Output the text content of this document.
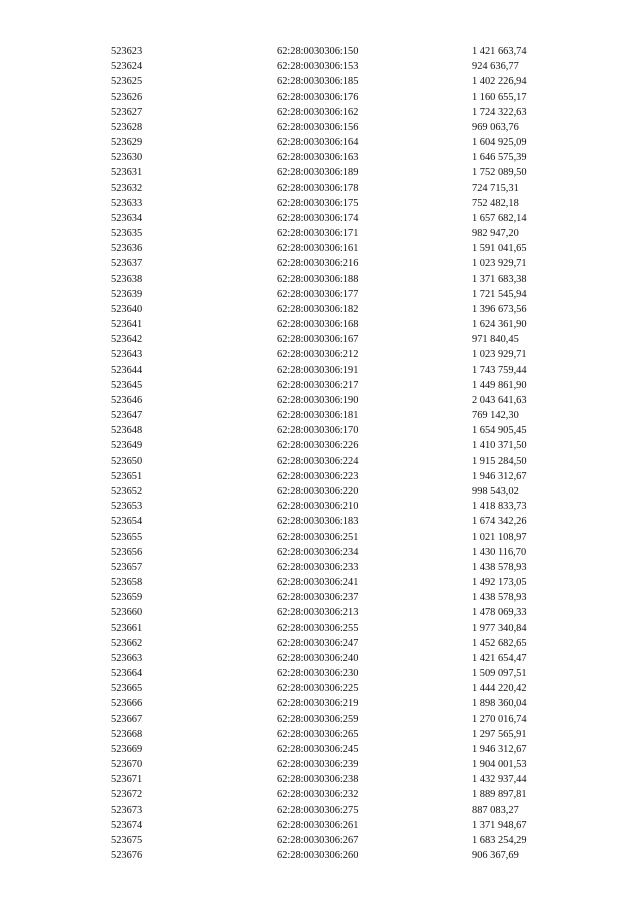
523623	62:28:0030306:150	1 421 663,74
523624	62:28:0030306:153	924 636,77
523625	62:28:0030306:185	1 402 226,94
523626	62:28:0030306:176	1 160 655,17
523627	62:28:0030306:162	1 724 322,63
523628	62:28:0030306:156	969 063,76
523629	62:28:0030306:164	1 604 925,09
523630	62:28:0030306:163	1 646 575,39
523631	62:28:0030306:189	1 752 089,50
523632	62:28:0030306:178	724 715,31
523633	62:28:0030306:175	752 482,18
523634	62:28:0030306:174	1 657 682,14
523635	62:28:0030306:171	982 947,20
523636	62:28:0030306:161	1 591 041,65
523637	62:28:0030306:216	1 023 929,71
523638	62:28:0030306:188	1 371 683,38
523639	62:28:0030306:177	1 721 545,94
523640	62:28:0030306:182	1 396 673,56
523641	62:28:0030306:168	1 624 361,90
523642	62:28:0030306:167	971 840,45
523643	62:28:0030306:212	1 023 929,71
523644	62:28:0030306:191	1 743 759,44
523645	62:28:0030306:217	1 449 861,90
523646	62:28:0030306:190	2 043 641,63
523647	62:28:0030306:181	769 142,30
523648	62:28:0030306:170	1 654 905,45
523649	62:28:0030306:226	1 410 371,50
523650	62:28:0030306:224	1 915 284,50
523651	62:28:0030306:223	1 946 312,67
523652	62:28:0030306:220	998 543,02
523653	62:28:0030306:210	1 418 833,73
523654	62:28:0030306:183	1 674 342,26
523655	62:28:0030306:251	1 021 108,97
523656	62:28:0030306:234	1 430 116,70
523657	62:28:0030306:233	1 438 578,93
523658	62:28:0030306:241	1 492 173,05
523659	62:28:0030306:237	1 438 578,93
523660	62:28:0030306:213	1 478 069,33
523661	62:28:0030306:255	1 977 340,84
523662	62:28:0030306:247	1 452 682,65
523663	62:28:0030306:240	1 421 654,47
523664	62:28:0030306:230	1 509 097,51
523665	62:28:0030306:225	1 444 220,42
523666	62:28:0030306:219	1 898 360,04
523667	62:28:0030306:259	1 270 016,74
523668	62:28:0030306:265	1 297 565,91
523669	62:28:0030306:245	1 946 312,67
523670	62:28:0030306:239	1 904 001,53
523671	62:28:0030306:238	1 432 937,44
523672	62:28:0030306:232	1 889 897,81
523673	62:28:0030306:275	887 083,27
523674	62:28:0030306:261	1 371 948,67
523675	62:28:0030306:267	1 683 254,29
523676	62:28:0030306:260	906 367,69
